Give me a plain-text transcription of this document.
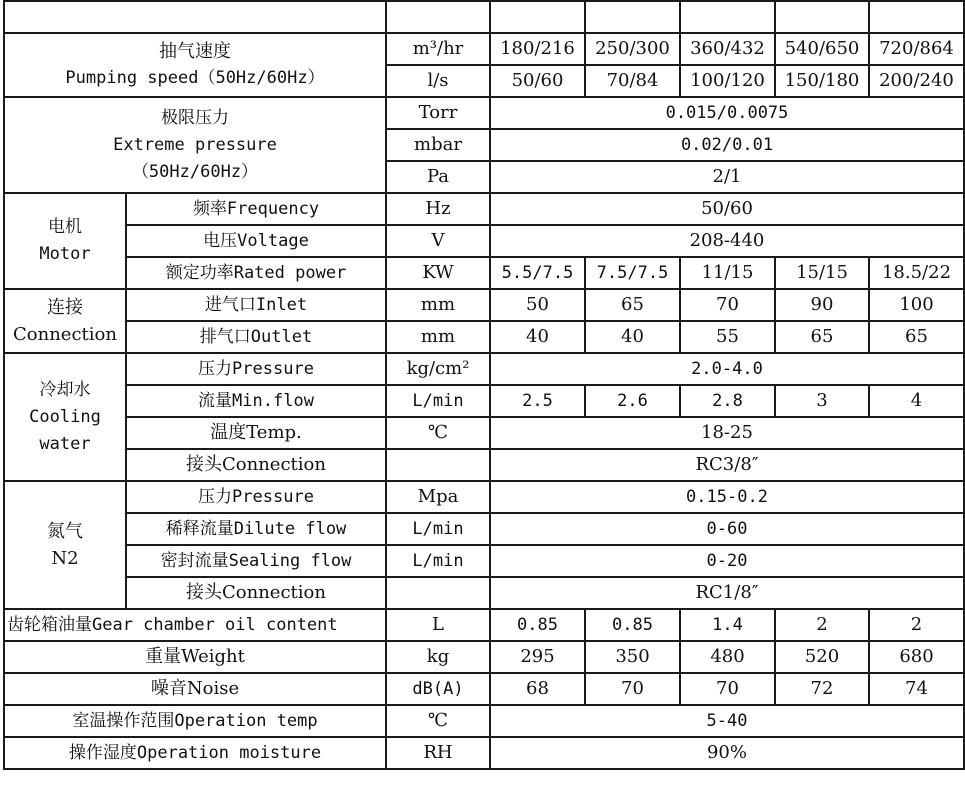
抽气速度
Pumping speed（50Hz/60Hz）		m³/hr	180/216	250/300	360/432	540/650	720/864
		l/s	50/60	70/84	100/120	150/180	200/240

极限压力
Extreme pressure
（50Hz/60Hz）		Torr	0.015/0.0075				
		mbar	0.02/0.01				
		Pa	2/1				

电机
Motor	频率Frequency	Hz	50/60				
	电压Voltage	V	208-440				
	额定功率Rated power	KW	5.5/7.5	7.5/7.5	11/15	15/15	18.5/22

连接
Connection	进气口Inlet	mm	50	65	70	90	100
	排气口Outlet	mm	40	40	55	65	65

冷却水
Cooling
water	压力Pressure	kg/cm²	2.0-4.0				
	流量Min.flow	L/min	2.5	2.6	2.8	3	4
	温度Temp.	℃	18-25				
	接头Connection		RC3/8″				

氮气
N2	压力Pressure	Mpa	0.15-0.2				
	稀释流量Dilute flow	L/min	0-60				
	密封流量Sealing flow	L/min	0-20				
	接头Connection		RC1/8″				
齿轮箱油量Gear chamber oil content		L	0.85	0.85	1.4	2	2
重量Weight		kg	295	350	480	520	680
噪音Noise		dB(A)	68	70	70	72	74
室温操作范围Operation temp		℃	5-40				
操作湿度Operation moisture		RH	90%				
